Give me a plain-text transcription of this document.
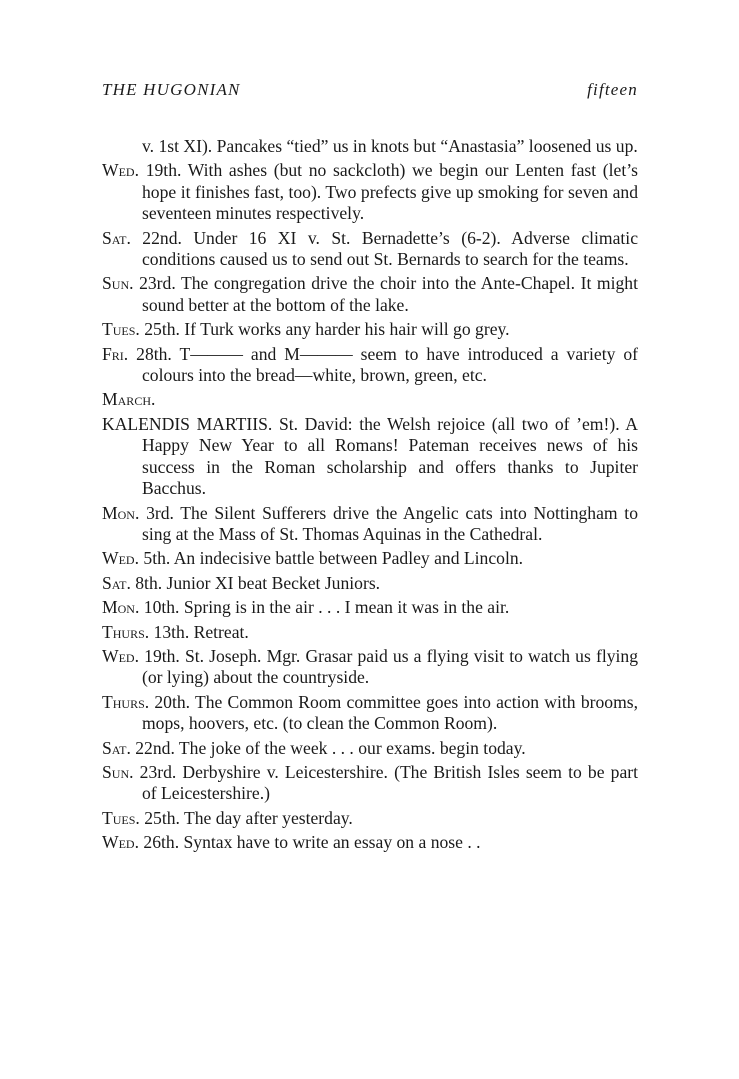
THE HUGONIAN	fifteen

v. 1st XI). Pancakes “tied” us in knots but “Anastasia” loosened us up.

Wed. 19th. With ashes (but no sackcloth) we begin our Lenten fast (let’s hope it finishes fast, too). Two prefects give up smoking for seven and seventeen minutes respectively.

Sat. 22nd. Under 16 XI v. St. Bernadette’s (6-2). Adverse climatic conditions caused us to send out St. Bernards to search for the teams.

Sun. 23rd. The congregation drive the choir into the Ante-Chapel. It might sound better at the bottom of the lake.

Tues. 25th. If Turk works any harder his hair will go grey.

Fri. 28th. T——— and M——— seem to have introduced a variety of colours into the bread—white, brown, green, etc.

March.

KALENDIS MARTIIS. St. David: the Welsh rejoice (all two of ’em!). A Happy New Year to all Romans! Pateman receives news of his success in the Roman scholarship and offers thanks to Jupiter Bacchus.

Mon. 3rd. The Silent Sufferers drive the Angelic cats into Nottingham to sing at the Mass of St. Thomas Aquinas in the Cathedral.

Wed. 5th. An indecisive battle between Padley and Lincoln.

Sat. 8th. Junior XI beat Becket Juniors.

Mon. 10th. Spring is in the air . . . I mean it was in the air.

Thurs. 13th. Retreat.

Wed. 19th. St. Joseph. Mgr. Grasar paid us a flying visit to watch us flying (or lying) about the countryside.

Thurs. 20th. The Common Room committee goes into action with brooms, mops, hoovers, etc. (to clean the Common Room).

Sat. 22nd. The joke of the week . . . our exams. begin today.

Sun. 23rd. Derbyshire v. Leicestershire. (The British Isles seem to be part of Leicestershire.)

Tues. 25th. The day after yesterday.

Wed. 26th. Syntax have to write an essay on a nose . .
